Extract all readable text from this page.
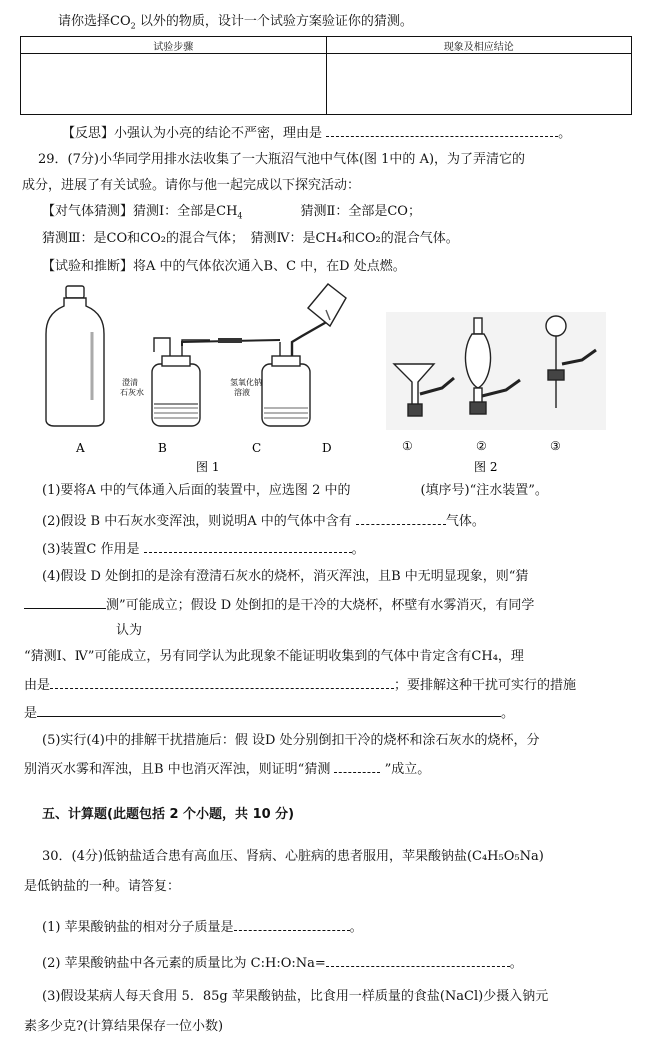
请你选择$CO_2$ 以外的物质，设计一个试验方案验证你的猜测。
试验步骤	现象及相应结论

【反思】小强认为小亮的结论不严密，理由是	。
29．(7分)小华同学用排水法收集了一大瓶沼气池中气体(图 1中的 A)，为了弄清它的
成分，进展了有关试验。请你与他一起完成以下探究活动：
【对气体猜测】猜测Ⅰ：全部是$CH_4$	猜测Ⅱ：全部是CO；
猜测Ⅲ：是CO和CO₂的混合气体；　猜测Ⅳ：是CH₄和CO₂的混合气体。
【试验和推断】将A 中的气体依次通入B、C 中，在D 处点燃。
澄清
石灰水
氢氧化钠
溶液
A	B	C	D
图 1
①	②	③
图 2
(1)要将A 中的气体通入后面的装置中，应选图 2 中的	(填序号)“注水装置”。
(2)假设 B 中石灰水变浑浊，则说明A 中的气体中含有	气体。
(3)装置C 作用是	。
(4)假设 D 处倒扣的是涂有澄清石灰水的烧杯，消灭浑浊，且B 中无明显现象，则“猜
测”可能成立；假设 D 处倒扣的是干冷的大烧杯，杯壁有水雾消灭，有同学
认为
“猜测Ⅰ、Ⅳ”可能成立，另有同学认为此现象不能证明收集到的气体中肯定含有CH₄，理
由是	；要排解这种干扰可实行的措施
是	。
(5)实行(4)中的排解干扰措施后：假 设D 处分别倒扣干冷的烧杯和涂石灰水的烧杯，分
别消灭水雾和浑浊，且B 中也消灭浑浊，则证明“猜测	”成立。
五、计算题(此题包括 2 个小题，共 10 分)
30．(4分)低钠盐适合患有高血压、肾病、心脏病的患者服用，苹果酸钠盐(C₄H₅O₅Na)
是低钠盐的一种。请答复：
(1) 苹果酸钠盐的相对分子质量是	。
(2) 苹果酸钠盐中各元素的质量比为 C:H:O:Na=	。
(3)假设某病人每天食用 5．85g 苹果酸钠盐，比食用一样质量的食盐(NaCl)少摄入钠元
素多少克?(计算结果保存一位小数)
